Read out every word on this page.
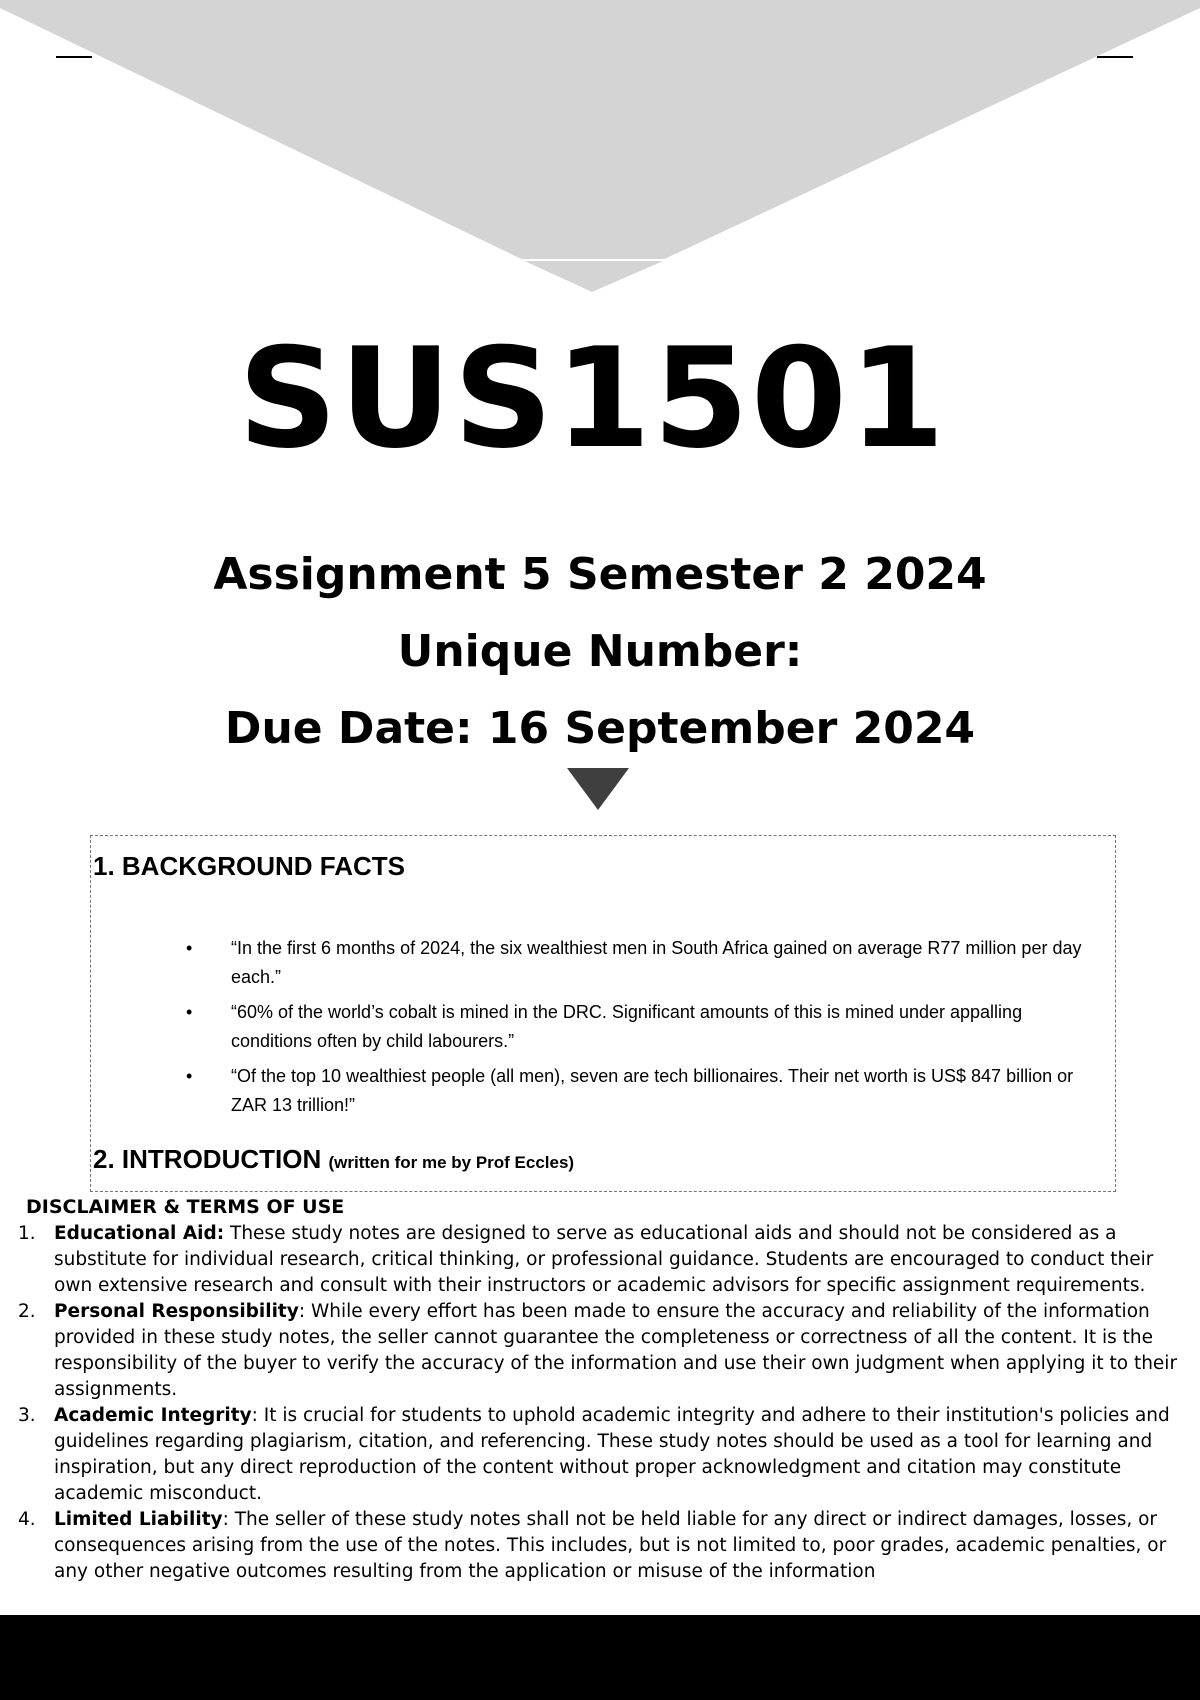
SUS1501
Assignment 5 Semester 2 2024
Unique Number:
Due Date: 16 September 2024
1. BACKGROUND FACTS
• “In the first 6 months of 2024, the six wealthiest men in South Africa gained on average R77 million per day each.”
• “60% of the world’s cobalt is mined in the DRC. Significant amounts of this is mined under appalling conditions often by child labourers.”
• “Of the top 10 wealthiest people (all men), seven are tech billionaires. Their net worth is US$ 847 billion or ZAR 13 trillion!”
2. INTRODUCTION (written for me by Prof Eccles)
DISCLAIMER & TERMS OF USE
1. Educational Aid: These study notes are designed to serve as educational aids and should not be considered as a substitute for individual research, critical thinking, or professional guidance. Students are encouraged to conduct their own extensive research and consult with their instructors or academic advisors for specific assignment requirements.
2. Personal Responsibility: While every effort has been made to ensure the accuracy and reliability of the information provided in these study notes, the seller cannot guarantee the completeness or correctness of all the content. It is the responsibility of the buyer to verify the accuracy of the information and use their own judgment when applying it to their assignments.
3. Academic Integrity: It is crucial for students to uphold academic integrity and adhere to their institution's policies and guidelines regarding plagiarism, citation, and referencing. These study notes should be used as a tool for learning and inspiration, but any direct reproduction of the content without proper acknowledgment and citation may constitute academic misconduct.
4. Limited Liability: The seller of these study notes shall not be held liable for any direct or indirect damages, losses, or consequences arising from the use of the notes. This includes, but is not limited to, poor grades, academic penalties, or any other negative outcomes resulting from the application or misuse of the information
